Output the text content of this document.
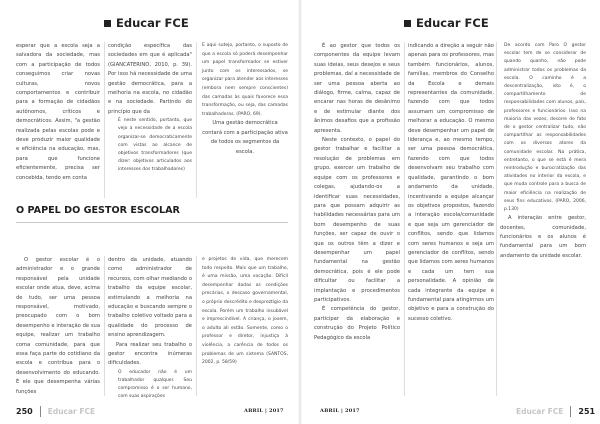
Educar FCE

esperar que a escola seja a salvadora da sociedade, mas com a participação de todos conseguimos criar novas culturas, novos comportamentos e contribuir para a formação de cidadãos autônomos, críticos e democráticos. Assim, "a gestão realizada pelas escolas pode e deve produzir maior qualidade e eficiência na educação, mas, para que funcione eficientemente, precisa ser concebida, tendo em conta

condição específica das sociedades em que é aplicada" (GIANCATERINO, 2010, p. 39). Por isso há necessidade de uma gestão democrática, para a melhoria na escola, no cidadão e na sociedade. Partindo do princípio que da

É neste sentido, portanto, que vejo a necessidade de a escola organizar-se democraticamente com vistas ao alcance de objetivos transformadores (que dizer: objetivos articulados aos interesses dos trabalhadores)

E aqui sutejo, portanto, o suposto de que a escola só poderá desempenhar um papel transformador se estiver junto com os interessados, se organizar para atender aos interesses (embora nem sempre conscientes) das camadas às quais favorece essa transformação, ou seja, das camadas trabalhadoras. (PARO, 69).

Uma gestão democrática contará com a participação ativa de todos os segmentos da escola.

O PAPEL DO GESTOR ESCOLAR

O gestor escolar é o administrador e o grande responsável pela unidade escolar onde atua, deve, acima de tudo, ser uma pessoa responsável, motivado, preocupado com o bom desempenho e interação de sua equipe, realizar um trabalho coma comunidade, para que essa faça parte do cotidiano da escola e contribua para o desenvolvimento do educando. É ele que desempenha várias funções

dentro da unidade, atuando como administrador de recursos, com olhar mediando o trabalho da equipe escolar, estimulando a melhoria na educação e buscando sempre o trabalho coletivo voltado para a qualidade do processo de ensino aprendizagem.

Para realizar seu trabalho o gestor encontra inúmeras dificuldades.

O educador não é um trabalhador qualquer. Seu compromisso é o ser humano, com suas aspirações

e projetos de vida, que merecem todo respeito. Mais que um trabalho, é uma missão, uma vocação. Difícil desempenhar dadas as condições precárias, o descaso governamental, o próprio descrédito e despreztígio da escola. Porém um trabalho insubável e imprescindível. A criança, o jovem, o adulto ali estão. Somente, como o professor e diretor, injustiça à violência, a carência de todos os problemas de um sistema (SANTOS, 2002, p. 58/59)

250 Educar FCE	ABRIL | 2017
Educar FCE

É ao gestor que todos os componentes da equipe levam suas ideias, seus desejos e seus problemas, daí a necessidade de ser uma pessoa aberta ao diálogo, firme, calma, capaz de encarar nas horas de desânimo e de estimular diante dos ânimos desafios que a profissão apresenta.

Neste contexto, o papel do gestor trabalhar e facilitar a resolução de problemas em grupo, exercer um trabalho de equipe com os professores e colegas, ajudando-os a identificar suas necessidades, para que possam adquirir as habilidades necessárias para um bom desempenho de suas funções, ser capaz de ouvir o que os outros têm a dizer e desempenhar um papel fundamental na gestão democrática, pois é ele pode dificultar ou facilitar a implantação e procedimentos participativos.

É competência do gestor, participar da elaboração e construção do Projeto Político Pedagógico da escola

indicando a direção a seguir não apenas para os professores, mas também funcionários, alunos, famílias, membros do Conselho da Escola e demais representantes da comunidade, fazendo com que todos assumam um compromisso de melhorar a educação. O mesmo deve desempenhar um papel de liderança e, ao mesmo tempo, ser uma pessoa democrática, fazendo com que todos desenvolvam seu trabalho com qualidade, garantindo o bom andamento da unidade, incentivando a equipe alcançar os objetivos propostos, fazendo a interação escola/comunidade e que seja um gerenciador de conflitos, sendo que lidamos com seres humanos e seja um gerenciador de conflitos, sendo que lidamos com seres humanos e cada um tem sua personalidade. A opinião de cada integrante da equipe é fundamental para atingirmos um objetivo e para a construção do sucesso coletivo.

De acordo com Paro O gestor escolar tem de se considerar de quando quanho, não pode administrar todos os problemas da escola. O caminho é a descentralização, isto é, o compartilhamento de responsabilidades com alunos, pais, professores e funcionários. Isso na maioria das vezes, desorre de fato de o gestor centralizar tudo, não compartilhar as responsabilidades com os diversos atores da comunidade escolar. Na prática, entretanto, o que se está é mera reintrodução e burocratização das atividades no interior da escola, e que muda controle para a busca de maior eficiência na realização de seus fins educativos. (PARO, 2006, p.130)

A interação entre gestor, docentes, comunidade, funcionários e os alunos é fundamental para um bom andamento da unidade escolar.

ABRIL | 2017	Educar FCE 251
